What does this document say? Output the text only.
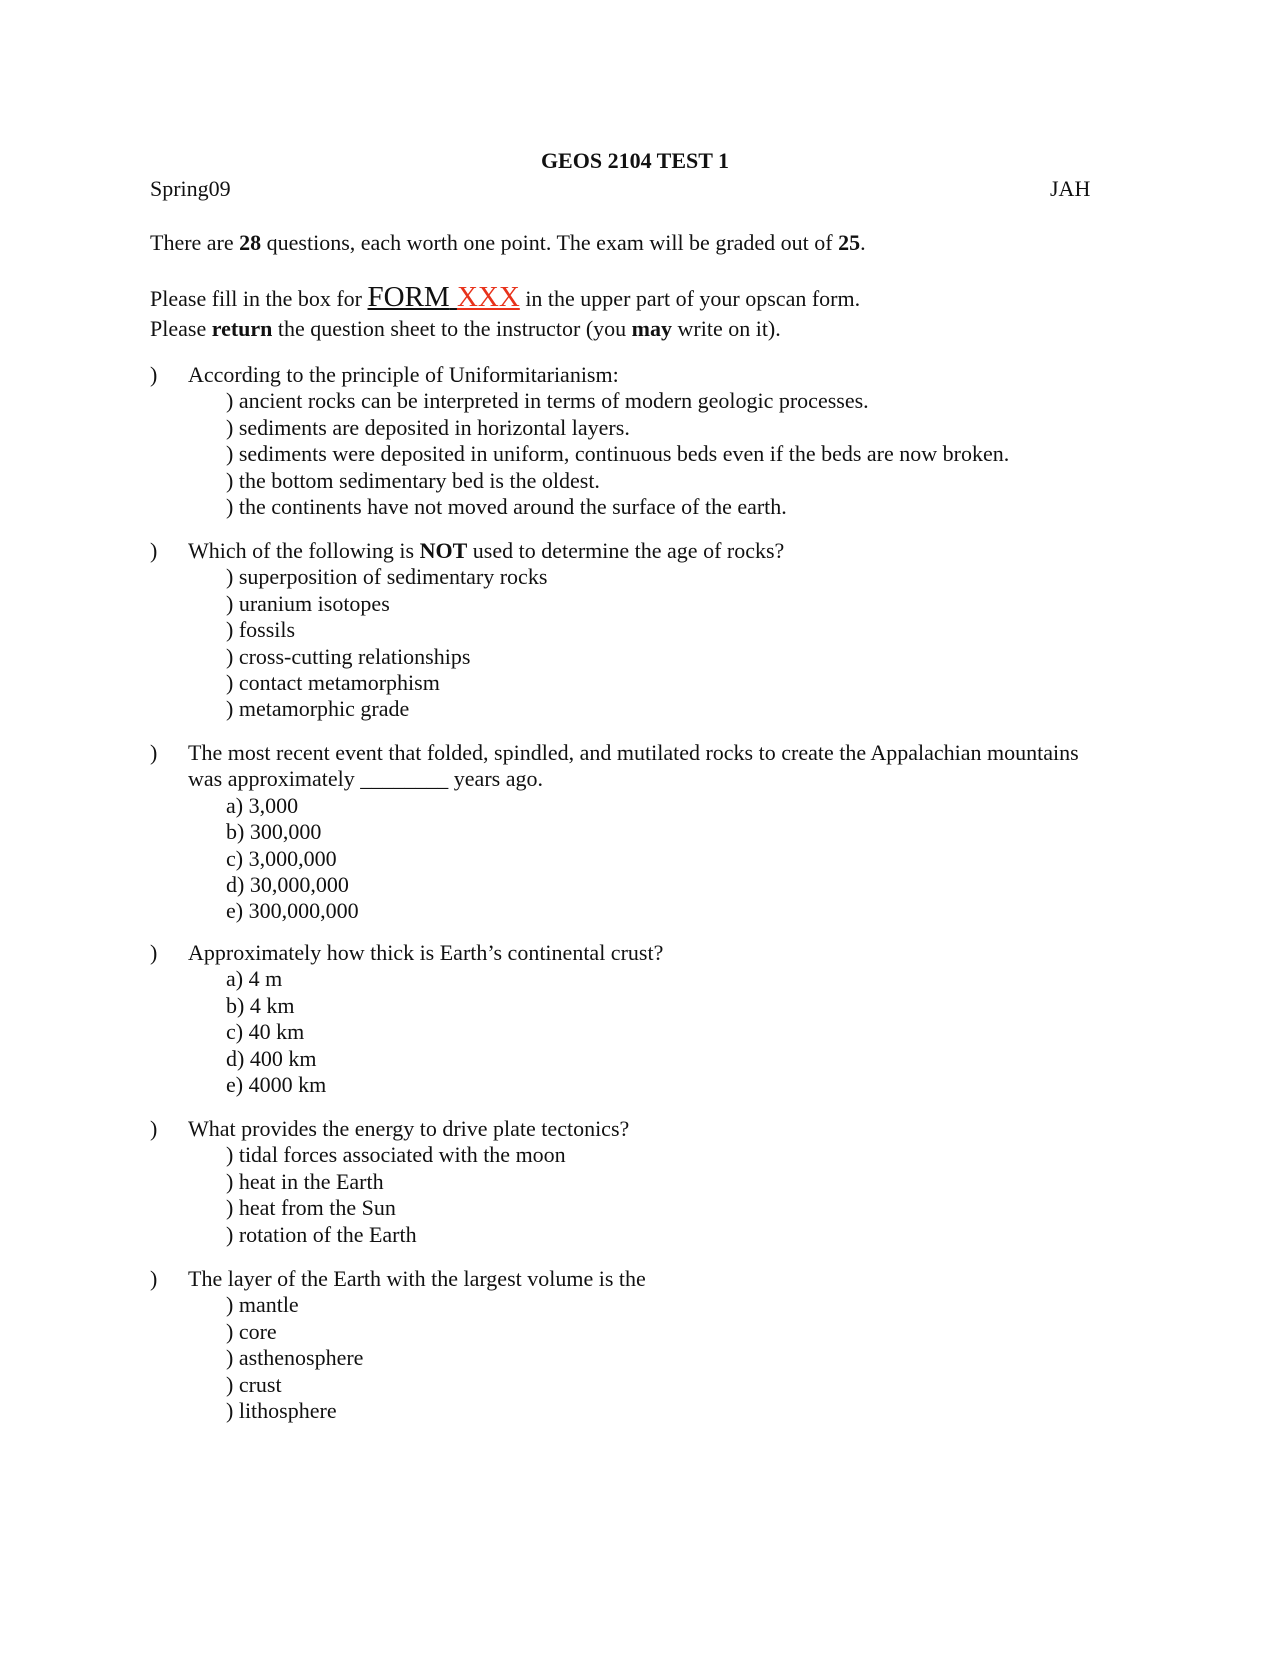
GEOS 2104 TEST 1
Spring09	JAH
There are 28 questions, each worth one point. The exam will be graded out of 25.
Please fill in the box for FORM XXX in the upper part of your opscan form.
Please return the question sheet to the instructor (you may write on it).
)	According to the principle of Uniformitarianism:
) ancient rocks can be interpreted in terms of modern geologic processes.
) sediments are deposited in horizontal layers.
) sediments were deposited in uniform, continuous beds even if the beds are now broken.
) the bottom sedimentary bed is the oldest.
) the continents have not moved around the surface of the earth.
)	Which of the following is NOT used to determine the age of rocks?
) superposition of sedimentary rocks
) uranium isotopes
) fossils
) cross-cutting relationships
) contact metamorphism
) metamorphic grade
)	The most recent event that folded, spindled, and mutilated rocks to create the Appalachian mountains
was approximately ________ years ago.
a) 3,000
b) 300,000
c) 3,000,000
d) 30,000,000
e) 300,000,000
)	Approximately how thick is Earth’s continental crust?
a) 4 m
b) 4 km
c) 40 km
d) 400 km
e) 4000 km
)	What provides the energy to drive plate tectonics?
) tidal forces associated with the moon
) heat in the Earth
) heat from the Sun
) rotation of the Earth
)	The layer of the Earth with the largest volume is the
) mantle
) core
) asthenosphere
) crust
) lithosphere
